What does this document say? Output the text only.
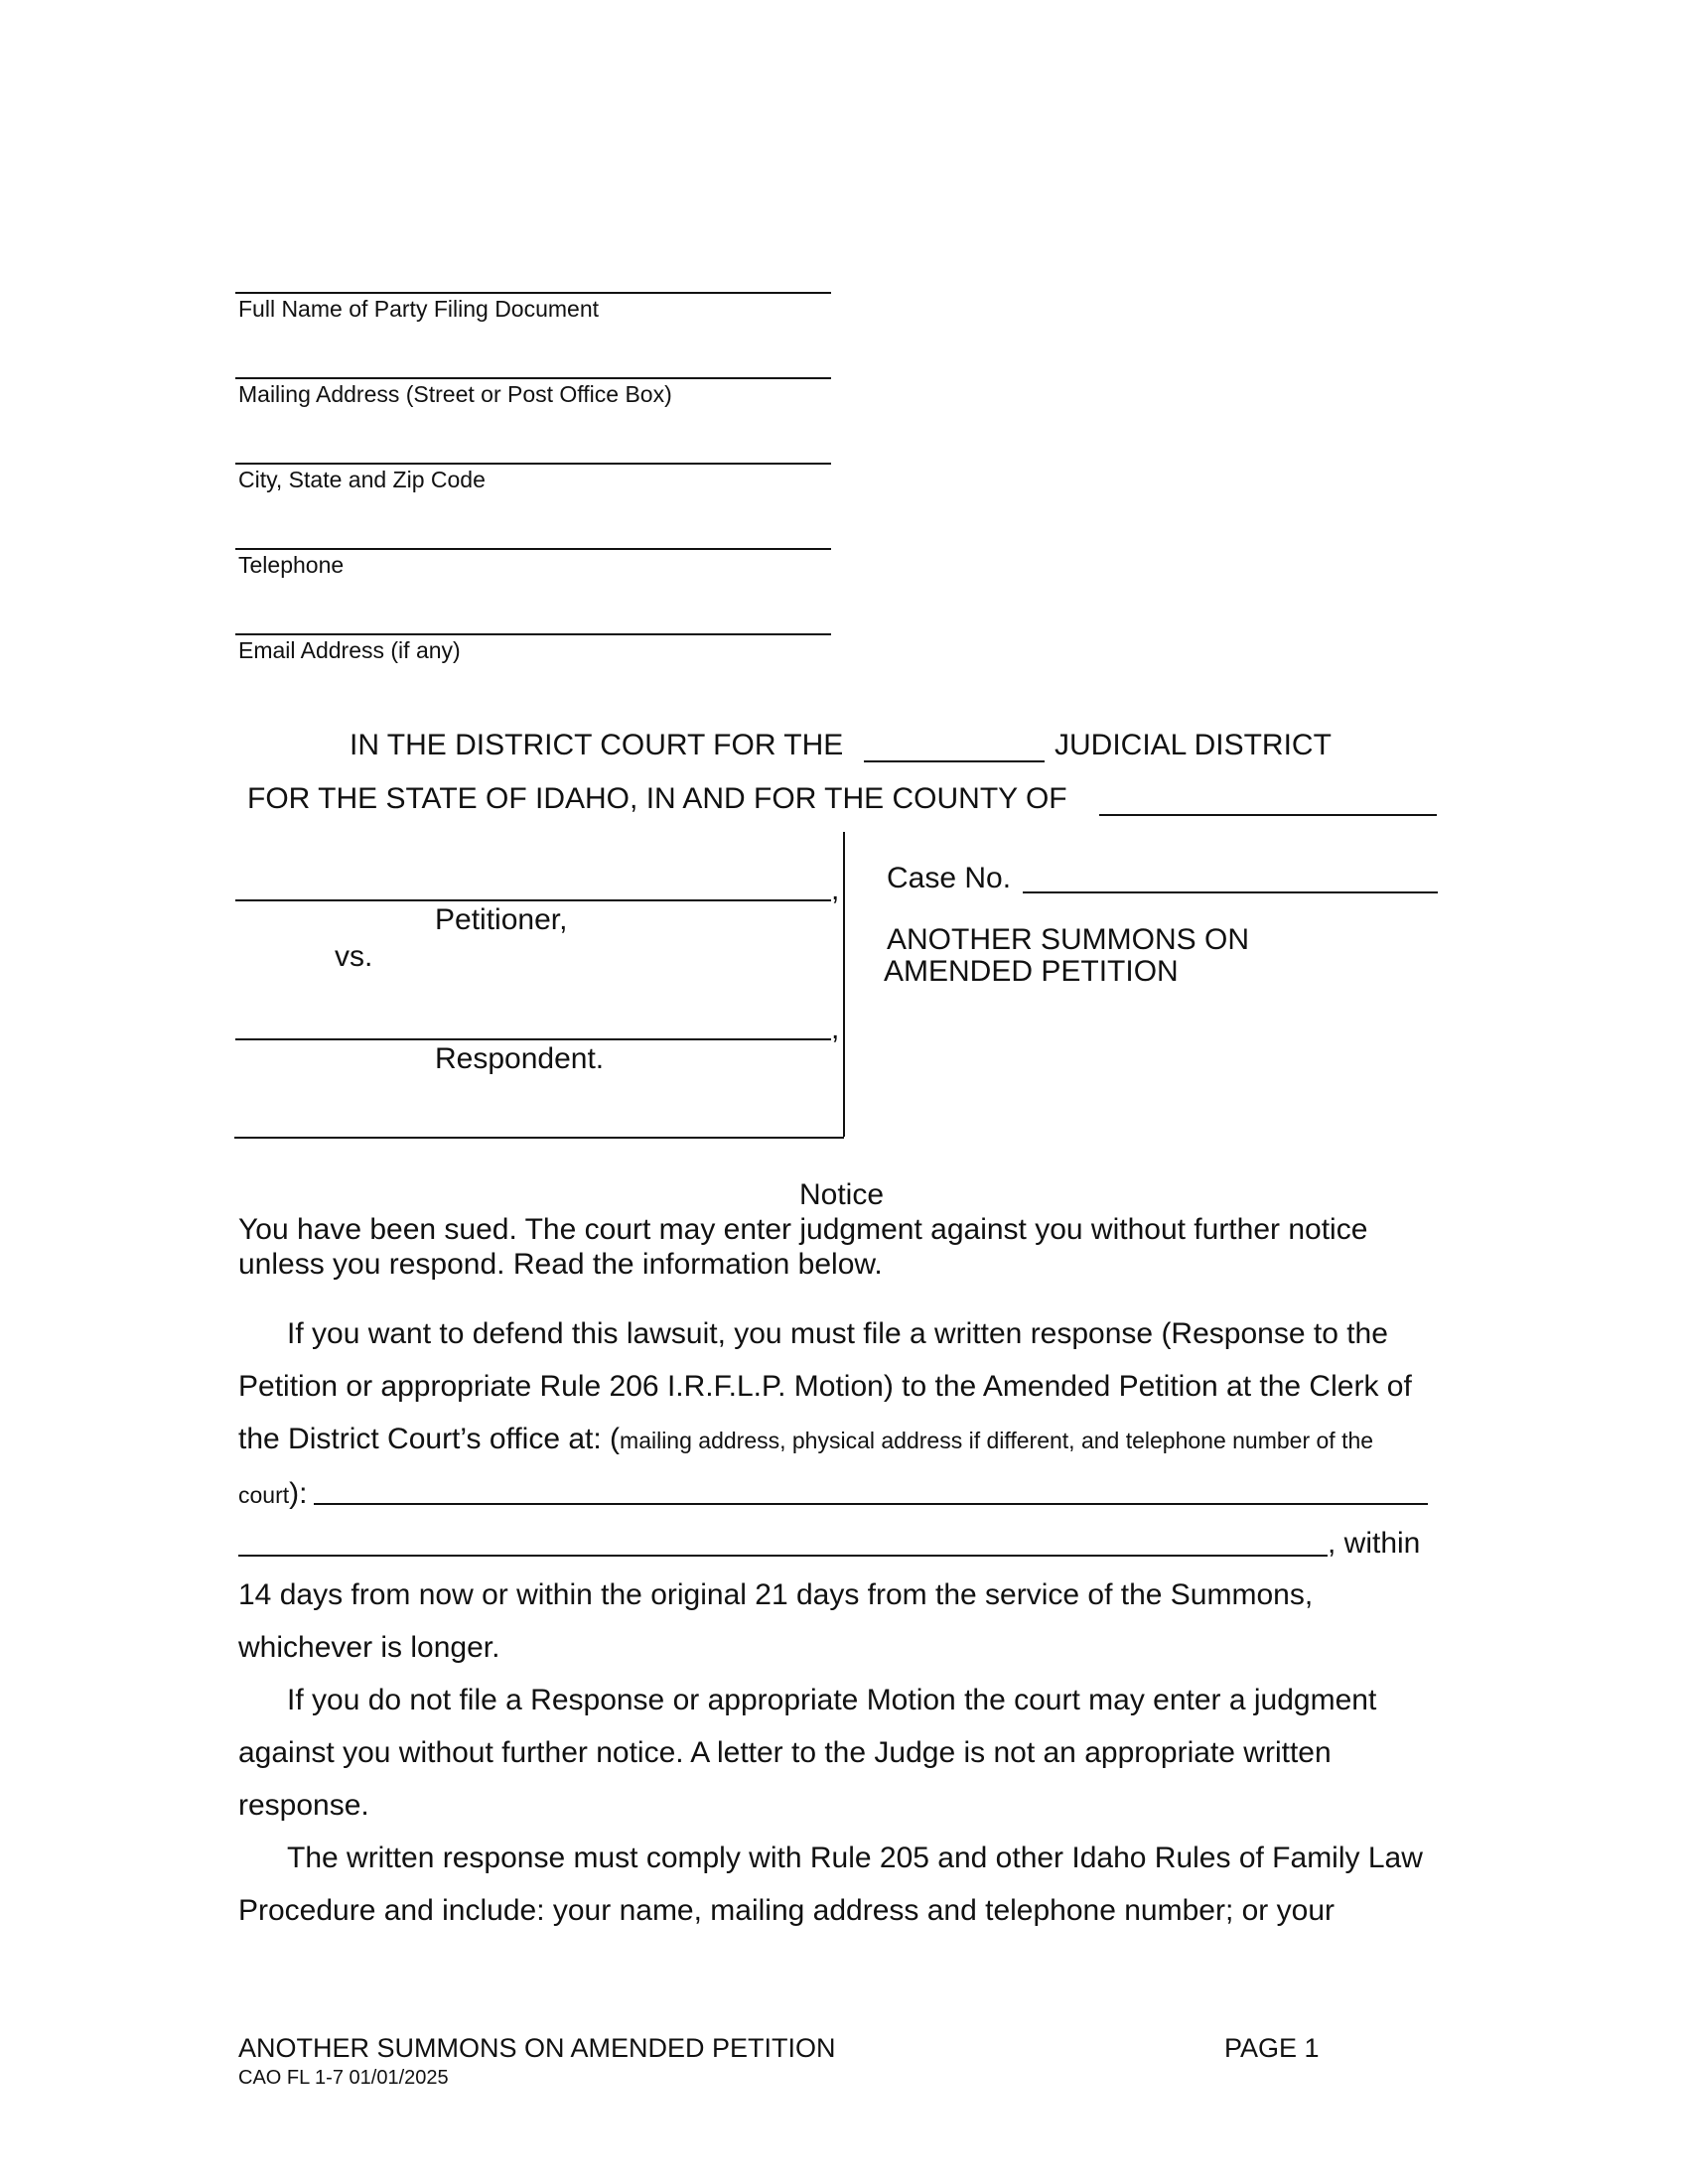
Full Name of Party Filing Document
Mailing Address (Street or Post Office Box)
City, State and Zip Code
Telephone
Email Address (if any)
IN THE DISTRICT COURT FOR THE	JUDICIAL DISTRICT
FOR THE STATE OF IDAHO, IN AND FOR THE COUNTY OF
,
Petitioner,
vs.
,
Respondent.
Case No.
ANOTHER SUMMONS ON
AMENDED PETITION
Notice
You have been sued. The court may enter judgment against you without further notice
unless you respond. Read the information below.
If you want to defend this lawsuit, you must file a written response (Response to the
Petition or appropriate Rule 206 I.R.F.L.P. Motion) to the Amended Petition at the Clerk of
the District Court’s office at: (mailing address, physical address if different, and telephone number of the
court):
, within
14 days from now or within the original 21 days from the service of the Summons,
whichever is longer.
If you do not file a Response or appropriate Motion the court may enter a judgment
against you without further notice. A letter to the Judge is not an appropriate written
response.
The written response must comply with Rule 205 and other Idaho Rules of Family Law
Procedure and include: your name, mailing address and telephone number; or your
ANOTHER SUMMONS ON AMENDED PETITION	PAGE 1
CAO FL 1-7 01/01/2025
